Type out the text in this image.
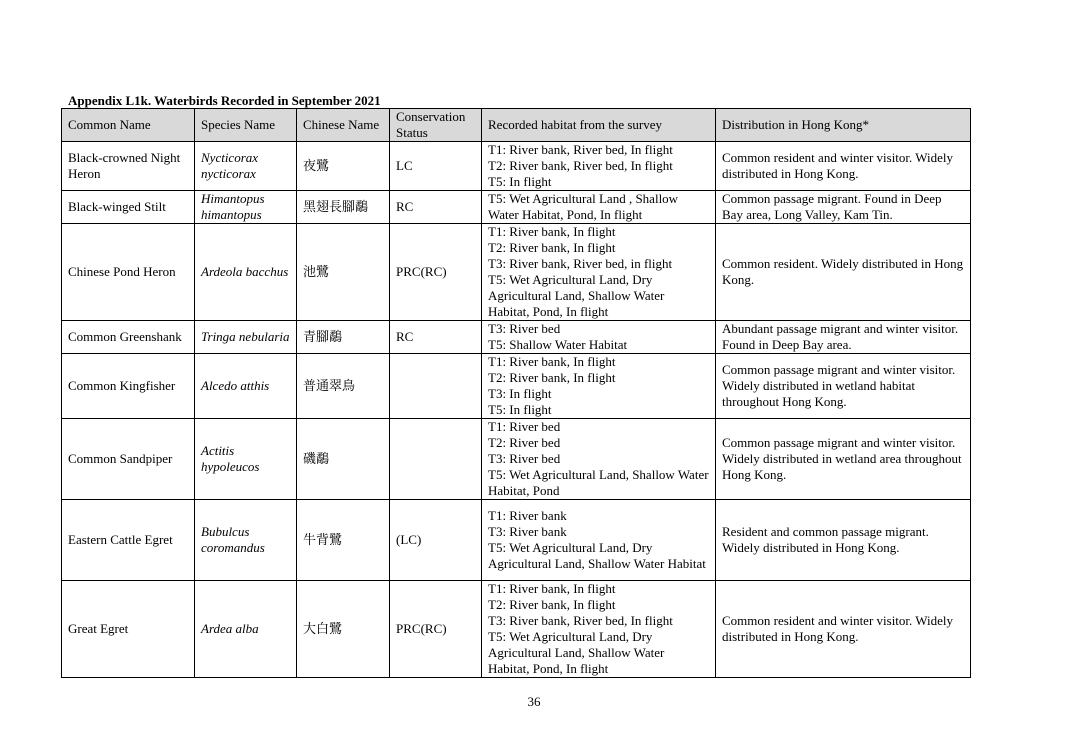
Appendix L1k. Waterbirds Recorded in September 2021
Common Name	Species Name	Chinese Name	Conservation Status	Recorded habitat from the survey	Distribution in Hong Kong*
Black-crowned Night Heron	Nycticorax nycticorax	夜鷺	LC	T1: River bank, River bed, In flight
T2: River bank, River bed, In flight
T5: In flight	Common resident and winter visitor. Widely distributed in Hong Kong.
Black-winged Stilt	Himantopus himantopus	黑翅長腳鷸	RC	T5: Wet Agricultural Land , Shallow Water Habitat, Pond, In flight	Common passage migrant. Found in Deep Bay area, Long Valley, Kam Tin.
Chinese Pond Heron	Ardeola bacchus	池鷺	PRC(RC)	T1: River bank, In flight
T2: River bank, In flight
T3: River bank, River bed, in flight
T5: Wet Agricultural Land, Dry Agricultural Land, Shallow Water Habitat, Pond, In flight	Common resident. Widely distributed in Hong Kong.
Common Greenshank	Tringa nebularia	青腳鷸	RC	T3: River bed
T5: Shallow Water Habitat	Abundant passage migrant and winter visitor. Found in Deep Bay area.
Common Kingfisher	Alcedo atthis	普通翠鳥		T1: River bank, In flight
T2: River bank, In flight
T3: In flight
T5: In flight	Common passage migrant and winter visitor. Widely distributed in wetland habitat throughout Hong Kong.
Common Sandpiper	Actitis hypoleucos	磯鷸		T1: River bed
T2: River bed
T3: River bed
T5: Wet Agricultural Land, Shallow Water Habitat, Pond	Common passage migrant and winter visitor. Widely distributed in wetland area throughout Hong Kong.
Eastern Cattle Egret	Bubulcus coromandus	牛背鷺	(LC)	T1: River bank
T3: River bank
T5: Wet Agricultural Land, Dry Agricultural Land, Shallow Water Habitat	Resident and common passage migrant. Widely distributed in Hong Kong.
Great Egret	Ardea alba	大白鷺	PRC(RC)	T1: River bank, In flight
T2: River bank, In flight
T3: River bank, River bed, In flight
T5: Wet Agricultural Land, Dry Agricultural Land, Shallow Water Habitat, Pond, In flight	Common resident and winter visitor. Widely distributed in Hong Kong.
36
